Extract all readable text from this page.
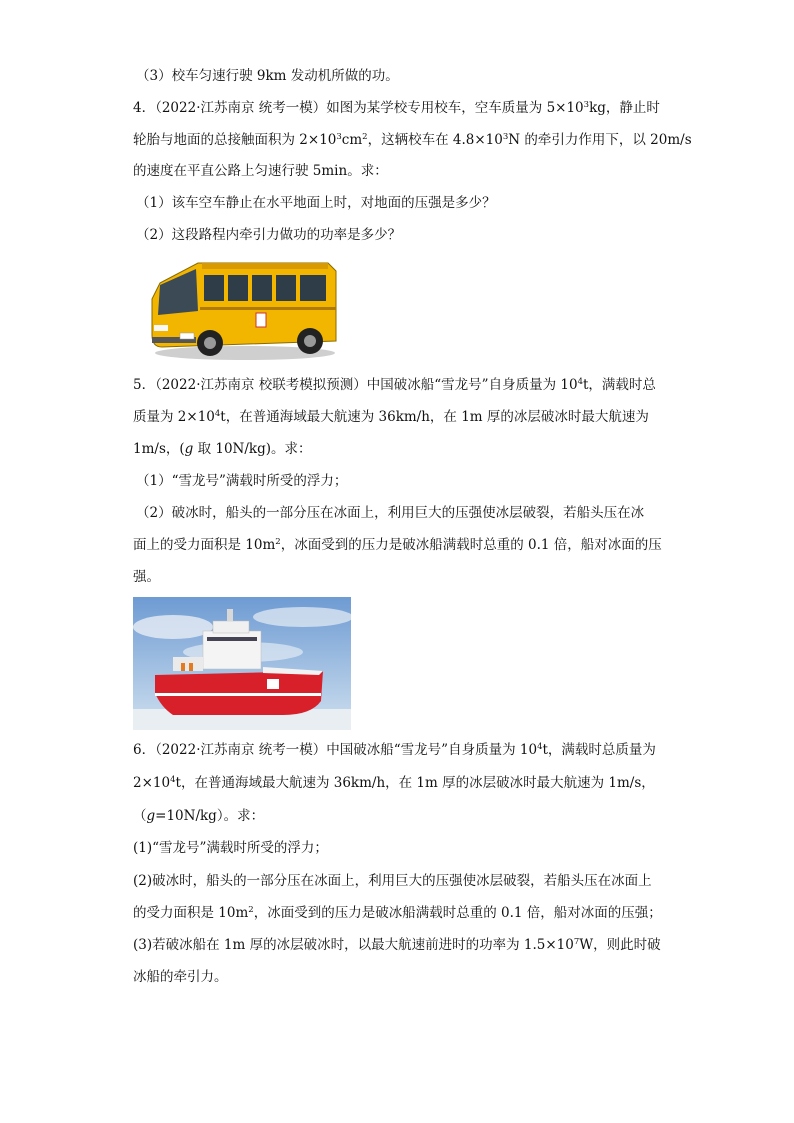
（3）校车匀速行驶 9km 发动机所做的功。
4．（2022·江苏南京 统考一模）如图为某学校专用校车，空车质量为 $5\times 10^3kg$，静止时
轮胎与地面的总接触面积为 $2\times 10^3cm^2$，这辆校车在 $4.8\times 10^3N$ 的牵引力作用下，以 20m/s
的速度在平直公路上匀速行驶 5min。求：
（1）该车空车静止在水平地面上时，对地面的压强是多少？
（2）这段路程内牵引力做功的功率是多少？
5．（2022·江苏南京 校联考模拟预测）中国破冰船“雪龙号”自身质量为 $10^4t$，满载时总
质量为 $2\times 10^4t$，在普通海域最大航速为 36km/h，在 1m 厚的冰层破冰时最大航速为
1m/s，(g 取 10N/kg)。求：
（1）“雪龙号”满载时所受的浮力；
（2）破冰时，船头的一部分压在冰面上，利用巨大的压强使冰层破裂，若船头压在冰
面上的受力面积是 $10m^2$，冰面受到的压力是破冰船满载时总重的 0.1 倍，船对冰面的压
强。
6．（2022·江苏南京 统考一模）中国破冰船“雪龙号”自身质量为 $10^4t$，满载时总质量为
$2\times 10^4t$，在普通海域最大航速为 36km/h，在 1m 厚的冰层破冰时最大航速为 1m/s，
（g=10N/kg）。求：
(1)“雪龙号”满载时所受的浮力；
(2)破冰时，船头的一部分压在冰面上，利用巨大的压强使冰层破裂，若船头压在冰面上
的受力面积是 $10m^2$，冰面受到的压力是破冰船满载时总重的 0.1 倍，船对冰面的压强；
(3)若破冰船在 1m 厚的冰层破冰时，以最大航速前进时的功率为 $1.5\times 10^7W$，则此时破
冰船的牵引力。
